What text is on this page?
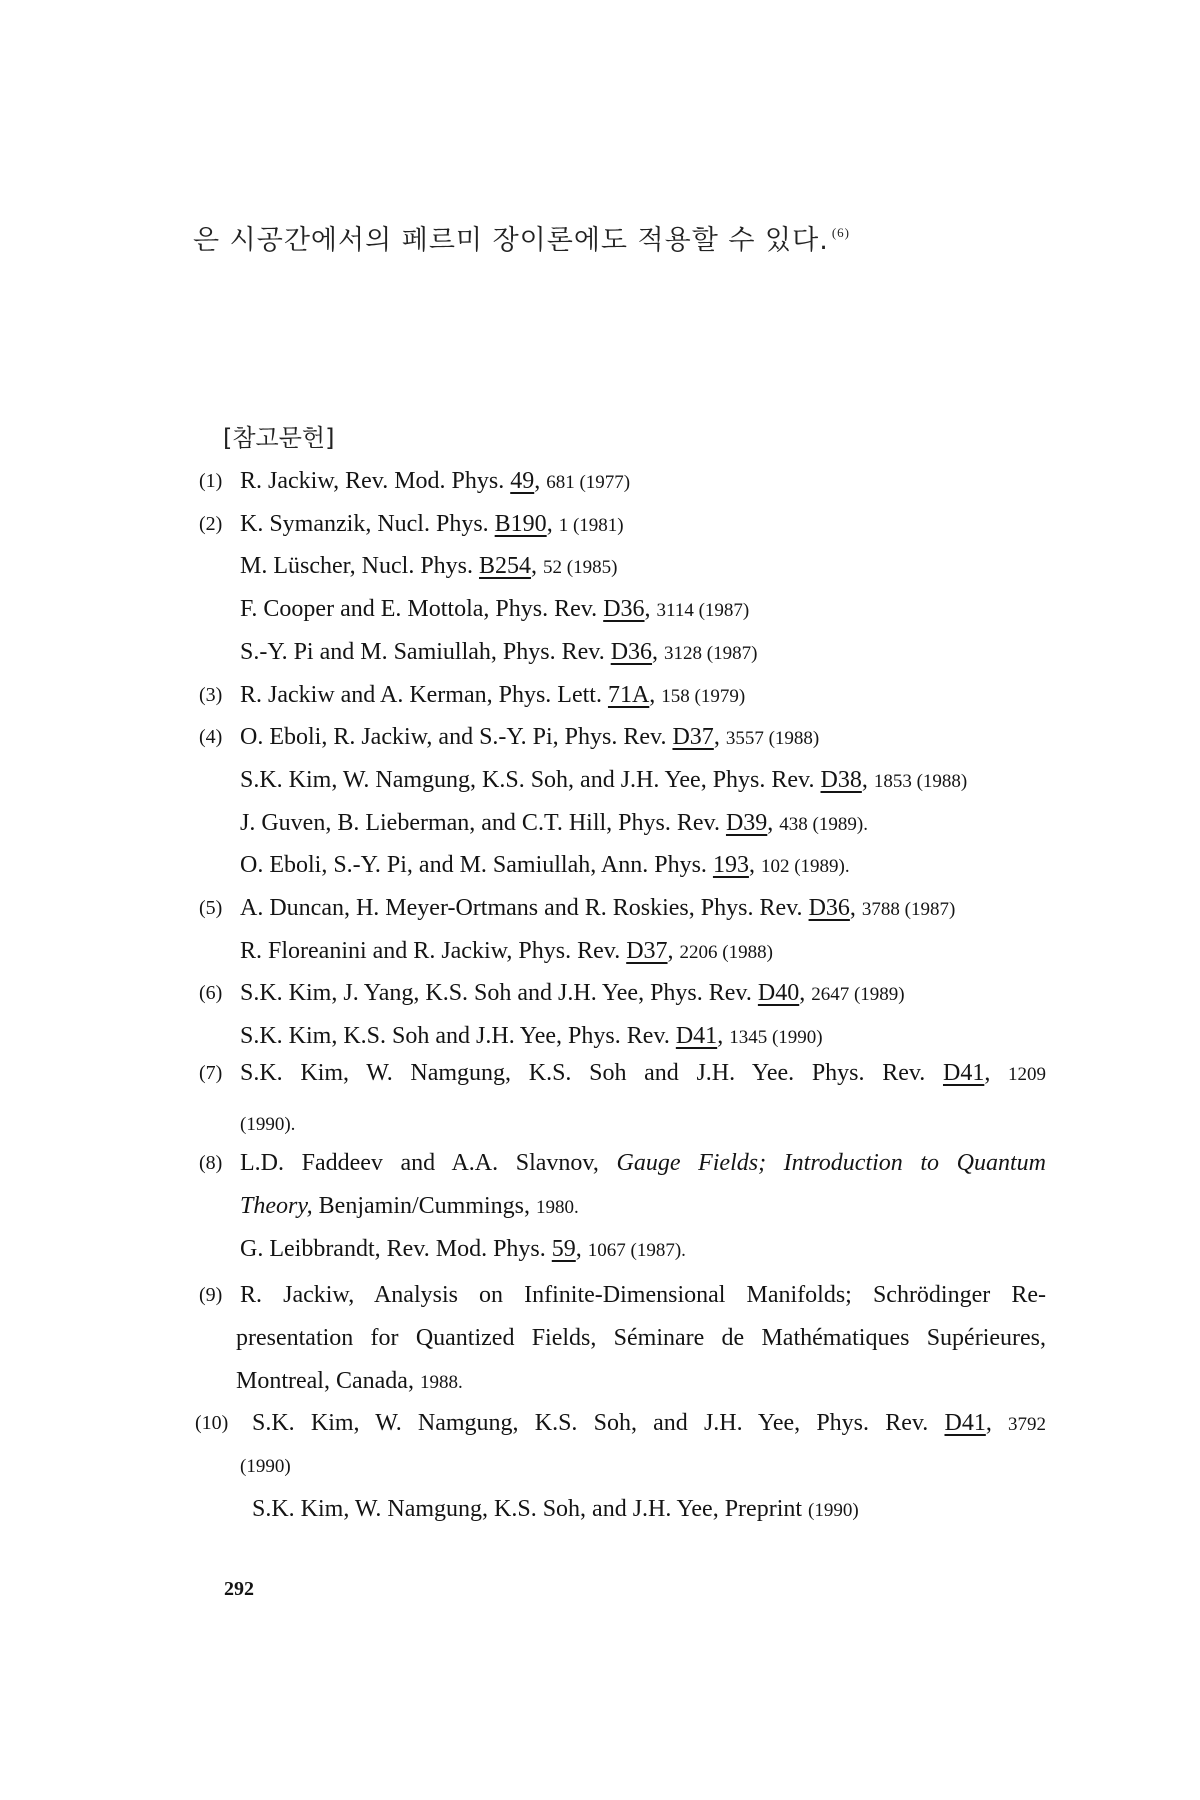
은 시공간에서의 페르미 장이론에도 적용할 수 있다. $^{(6)}$
[참고문헌]
(1) R. Jackiw, Rev. Mod. Phys. 49, 681 (1977)
(2) K. Symanzik, Nucl. Phys. B190, 1 (1981)
M. Lüscher, Nucl. Phys. B254, 52 (1985)
F. Cooper and E. Mottola, Phys. Rev. D36, 3114 (1987)
S.-Y. Pi and M. Samiullah, Phys. Rev. D36, 3128 (1987)
(3) R. Jackiw and A. Kerman, Phys. Lett. 71A, 158 (1979)
(4) O. Eboli, R. Jackiw, and S.-Y. Pi, Phys. Rev. D37, 3557 (1988)
S.K. Kim, W. Namgung, K.S. Soh, and J.H. Yee, Phys. Rev. D38, 1853 (1988)
J. Guven, B. Lieberman, and C.T. Hill, Phys. Rev. D39, 438 (1989).
O. Eboli, S.-Y. Pi, and M. Samiullah, Ann. Phys. 193, 102 (1989).
(5) A. Duncan, H. Meyer-Ortmans and R. Roskies, Phys. Rev. D36, 3788 (1987)
R. Floreanini and R. Jackiw, Phys. Rev. D37, 2206 (1988)
(6) S.K. Kim, J. Yang, K.S. Soh and J.H. Yee, Phys. Rev. D40, 2647 (1989)
S.K. Kim, K.S. Soh and J.H. Yee, Phys. Rev. D41, 1345 (1990)
(7) S.K. Kim, W. Namgung, K.S. Soh and J.H. Yee. Phys. Rev. D41, 1209
(1990).
(8) L.D. Faddeev and A.A. Slavnov, Gauge Fields; Introduction to Quantum
Theory, Benjamin/Cummings, 1980.
G. Leibbrandt, Rev. Mod. Phys. 59, 1067 (1987).
(9) R. Jackiw, Analysis on Infinite-Dimensional Manifolds; Schrödinger Re-
presentation for Quantized Fields, Séminare de Mathématiques Supérieures,
Montreal, Canada, 1988.
(10) S.K. Kim, W. Namgung, K.S. Soh, and J.H. Yee, Phys. Rev. D41, 3792
(1990)
S.K. Kim, W. Namgung, K.S. Soh, and J.H. Yee, Preprint (1990)
292
